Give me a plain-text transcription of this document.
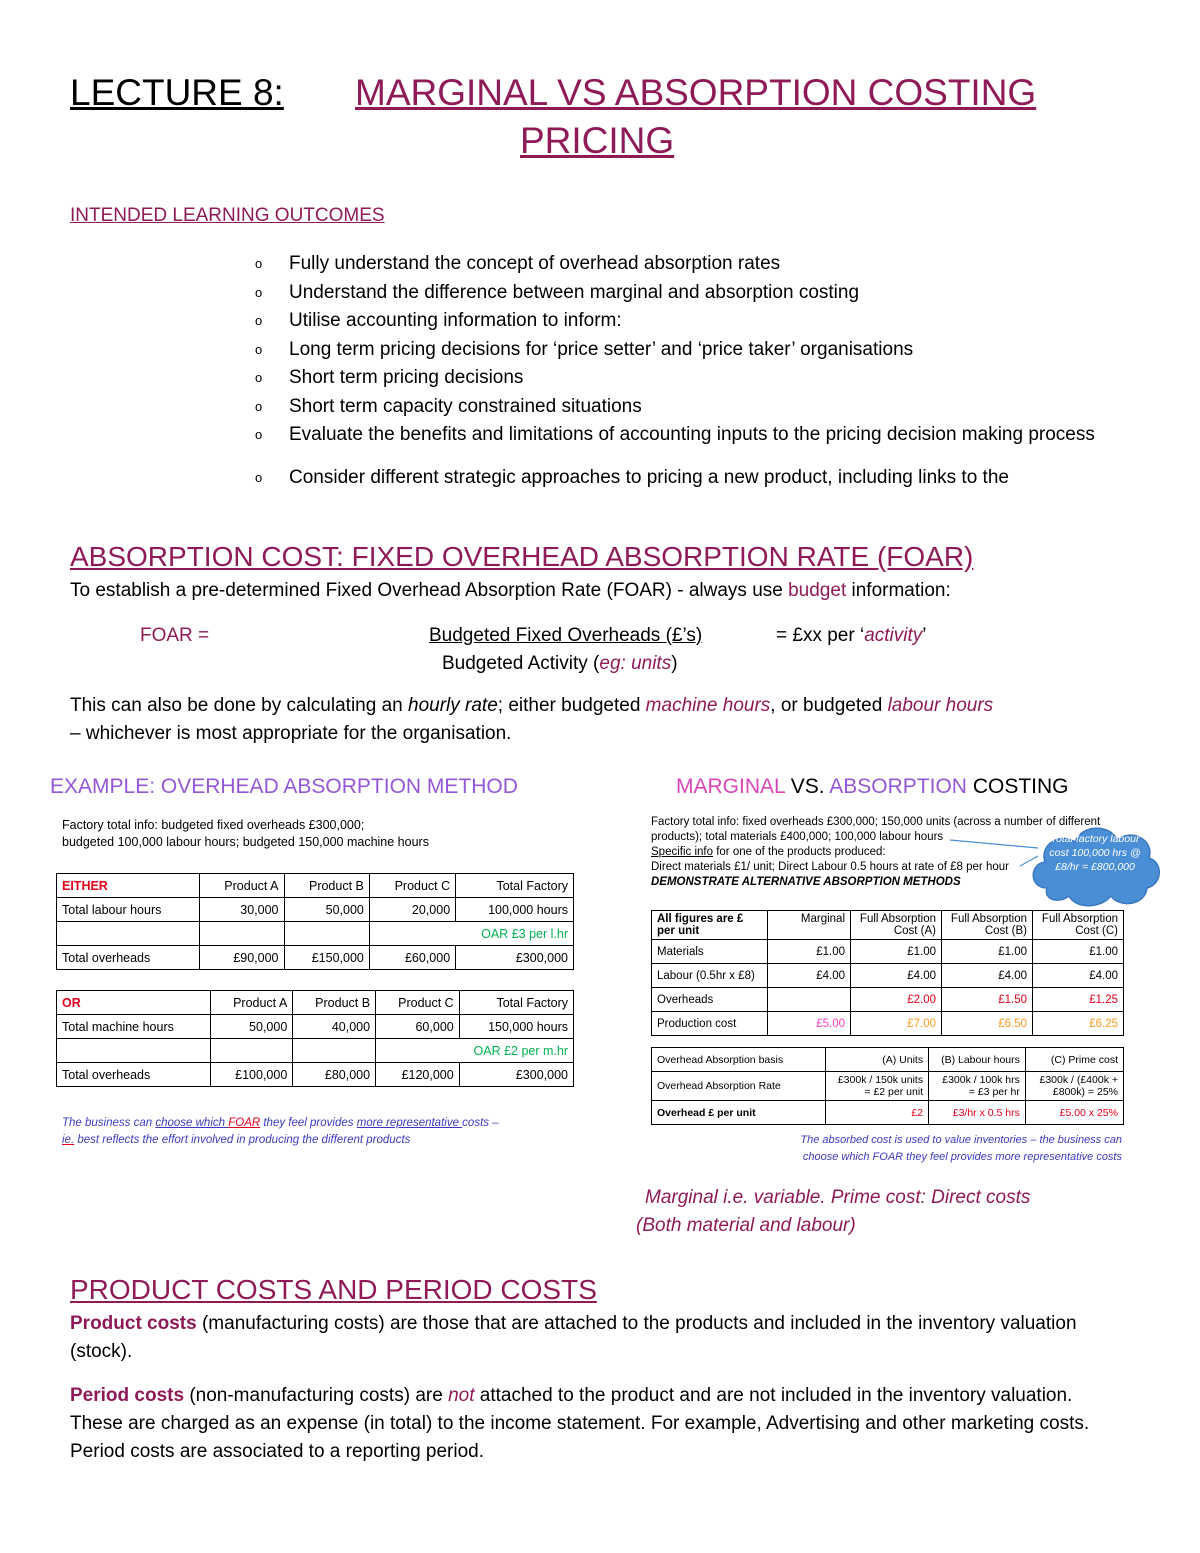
LECTURE 8: MARGINAL VS ABSORPTION COSTING
PRICING
INTENDED LEARNING OUTCOMES
o Fully understand the concept of overhead absorption rates
o Understand the difference between marginal and absorption costing
o Utilise accounting information to inform:
o Long term pricing decisions for ‘price setter’ and ‘price taker’ organisations
o Short term pricing decisions
o Short term capacity constrained situations
o Evaluate the benefits and limitations of accounting inputs to the pricing decision making process
o Consider different strategic approaches to pricing a new product, including links to the
ABSORPTION COST: FIXED OVERHEAD ABSORPTION RATE (FOAR)
To establish a pre-determined Fixed Overhead Absorption Rate (FOAR) - always use budget information:
FOAR =	Budgeted Fixed Overheads (£’s)	= £xx per ‘activity’
Budgeted Activity (eg: units)
This can also be done by calculating an hourly rate; either budgeted machine hours, or budgeted labour hours
– whichever is most appropriate for the organisation.
EXAMPLE: OVERHEAD ABSORPTION METHOD
Factory total info: budgeted fixed overheads £300,000;
budgeted 100,000 labour hours; budgeted 150,000 machine hours
EITHER	Product A	Product B	Product C	Total Factory
Total labour hours	30,000	50,000	20,000	100,000 hours
			OAR £3 per l.hr	
Total overheads	£90,000	£150,000	£60,000	£300,000
OR	Product A	Product B	Product C	Total Factory
Total machine hours	50,000	40,000	60,000	150,000 hours
			OAR £2 per m.hr	
Total overheads	£100,000	£80,000	£120,000	£300,000
The business can choose which FOAR they feel provides more representative costs –
ie. best reflects the effort involved in producing the different products
MARGINAL VS. ABSORPTION COSTING
Factory total info: fixed overheads £300,000; 150,000 units (across a number of different
products); total materials £400,000; 100,000 labour hours
Specific info for one of the products produced:
Direct materials £1/ unit; Direct Labour 0.5 hours at rate of £8 per hour
DEMONSTRATE ALTERNATIVE ABSORPTION METHODS
Total factory labour cost 100,000 hrs @ £8/hr = £800,000
All figures are £ per unit	Marginal	Full Absorption Cost (A)	Full Absorption Cost (B)	Full Absorption Cost (C)
Materials	£1.00	£1.00	£1.00	£1.00
Labour (0.5hr x £8)	£4.00	£4.00	£4.00	£4.00
Overheads		£2.00	£1.50	£1.25
Production cost	£5.00	£7.00	£6.50	£6.25
Overhead Absorption basis	(A) Units	(B) Labour hours	(C) Prime cost
Overhead Absorption Rate	£300k / 150k units = £2 per unit	£300k / 100k hrs = £3 per hr	£300k / (£400k + £800k) = 25%
Overhead £ per unit	£2	£3/hr x 0.5 hrs	£5.00 x 25%
The absorbed cost is used to value inventories – the business can
choose which FOAR they feel provides more representative costs
Marginal i.e. variable. Prime cost: Direct costs
(Both material and labour)
PRODUCT COSTS AND PERIOD COSTS
Product costs (manufacturing costs) are those that are attached to the products and included in the inventory valuation (stock).
Period costs (non-manufacturing costs) are not attached to the product and are not included in the inventory valuation. These are charged as an expense (in total) to the income statement. For example, Advertising and other marketing costs. Period costs are associated to a reporting period.
